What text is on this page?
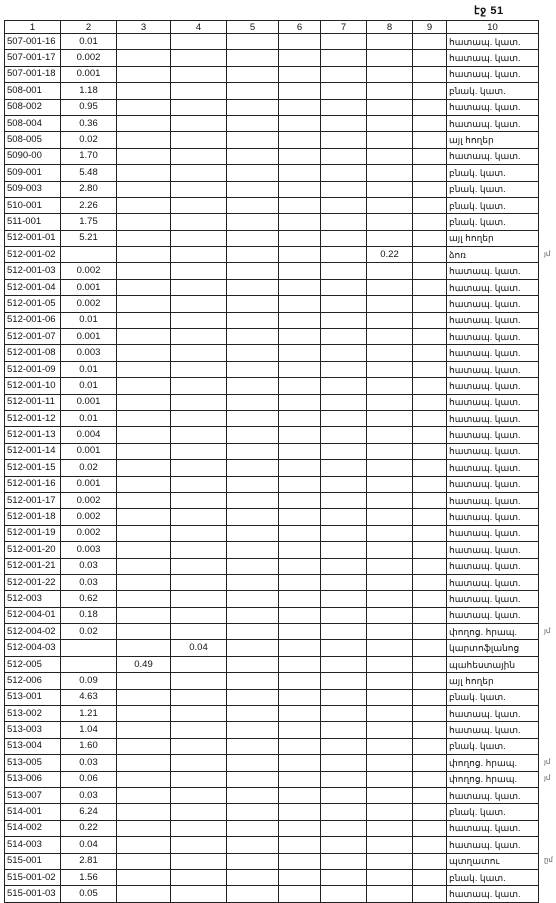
էջ 51
1	2	3	4	5	6	7	8	9	10
507-001-16	0.01								հատապ. կատ.
507-001-17	0.002								հատապ. կատ.
507-001-18	0.001								հատապ. կատ.
508-001	1.18								բնակ. կատ.
508-002	0.95								հատապ. կատ.
508-004	0.36								հատապ. կատ.
508-005	0.02								այլ հողեր
5090-00	1.70								հատապ. կատ.
509-001	5.48								բնակ. կատ.
509-003	2.80								բնակ. կատ.
510-001	2.26								բնակ. կատ.
511-001	1.75								բնակ. կատ.
512-001-01	5.21								այլ հողեր
512-001-02							0.22		ձոռ
512-001-03	0.002								հատապ. կատ.
512-001-04	0.001								հատապ. կատ.
512-001-05	0.002								հատապ. կատ.
512-001-06	0.01								հատապ. կատ.
512-001-07	0.001								հատապ. կատ.
512-001-08	0.003								հատապ. կատ.
512-001-09	0.01								հատապ. կատ.
512-001-10	0.01								հատապ. կատ.
512-001-11	0.001								հատապ. կատ.
512-001-12	0.01								հատապ. կատ.
512-001-13	0.004								հատապ. կատ.
512-001-14	0.001								հատապ. կատ.
512-001-15	0.02								հատապ. կատ.
512-001-16	0.001								հատապ. կատ.
512-001-17	0.002								հատապ. կատ.
512-001-18	0.002								հատապ. կատ.
512-001-19	0.002								հատապ. կատ.
512-001-20	0.003								հատապ. կատ.
512-001-21	0.03								հատապ. կատ.
512-001-22	0.03								հատապ. կատ.
512-003	0.62								հատապ. կատ.
512-004-01	0.18								հատապ. կատ.
512-004-02	0.02								փողոց. հրապ.
512-004-03			0.04						կարտոֆլանոց
512-005		0.49							պահեստային
512-006	0.09								այլ հողեր
513-001	4.63								բնակ. կատ.
513-002	1.21								հատապ. կատ.
513-003	1.04								հատապ. կատ.
513-004	1.60								բնակ. կատ.
513-005	0.03								փողոց. հրապ.
513-006	0.06								փողոց. հրապ.
513-007	0.03								հատապ. կատ.
514-001	6.24								բնակ. կատ.
514-002	0.22								հատապ. կատ.
514-003	0.04								հատապ. կատ.
515-001	2.81								պտղատու
515-001-02	1.56								բնակ. կատ.
515-001-03	0.05								հատապ. կատ.
յմ
յմ
յմ
յմ
ըմ
